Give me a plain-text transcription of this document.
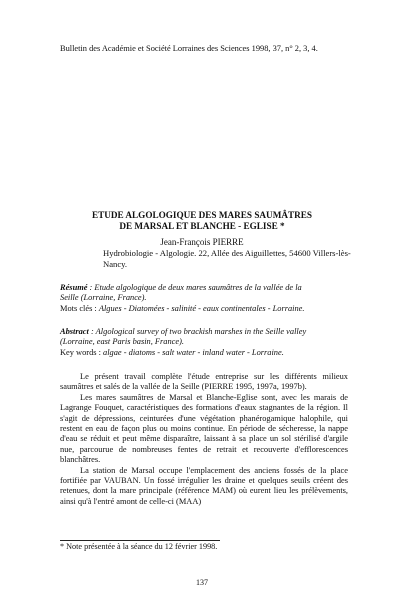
Bulletin des Académie et Société Lorraines des Sciences 1998, 37, n° 2, 3, 4.
ETUDE ALGOLOGIQUE DES MARES SAUMÂTRES
DE MARSAL ET BLANCHE - EGLISE *
Jean-François PIERRE
Hydrobiologie - Algologie. 22, Allée des Aiguillettes, 54600 Villers-lès-
Nancy.
Résumé : Etude algologique de deux mares saumâtres de la vallée de la
Seille (Lorraine, France).
Mots clés : Algues - Diatomées - salinité - eaux continentales - Lorraine.
Abstract : Algological survey of two brackish marshes in the Seille valley
(Lorraine, east Paris basin, France).
Key words : algae - diatoms - salt water - inland water - Lorraine.

Le présent travail complète l'étude entreprise sur les différents milieux saumâtres et salés de la vallée de la Seille (PIERRE 1995, 1997a, 1997b).

Les mares saumâtres de Marsal et Blanche-Eglise sont, avec les marais de Lagrange Fouquet, caractéristiques des formations d'eaux stagnantes de la région. Il s'agit de dépressions, ceinturées d'une végétation phanérogamique halophile, qui restent en eau de façon plus ou moins continue. En période de sécheresse, la nappe d'eau se réduit et peut même disparaître, laissant à sa place un sol stérilisé d'argile nue, parcourue de nombreuses fentes de retrait et recouverte d'efflorescences blanchâtres.

La station de Marsal occupe l'emplacement des anciens fossés de la place fortifiée par VAUBAN. Un fossé irrégulier les draine et quelques seuils créent des retenues, dont la mare principale (référence MAM) où eurent lieu les prélèvements, ainsi qu'à l'entré amont de celle-ci (MAA)

* Note présentée à la séance du 12 février 1998.
137
